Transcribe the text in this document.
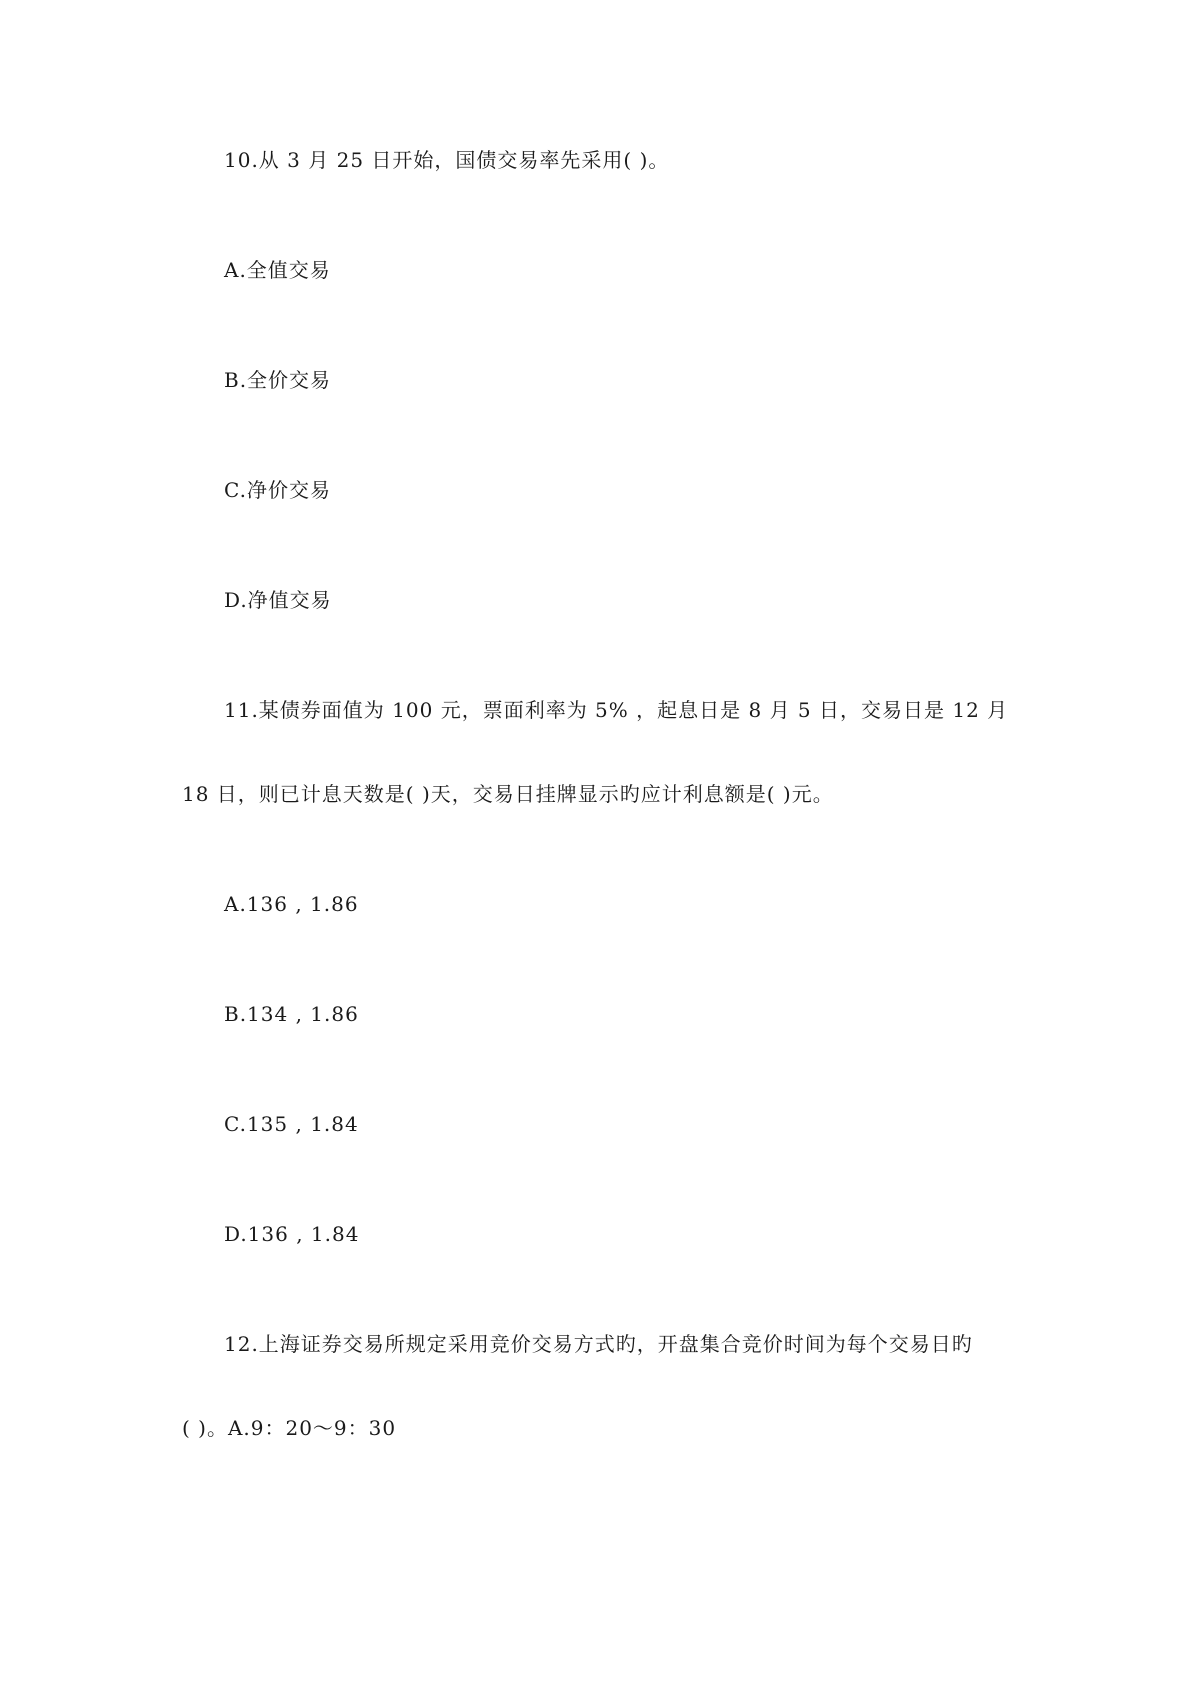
10.从 3 月 25 日开始，国债交易率先采用( )。
A.全值交易
B.全价交易
C.净价交易
D.净值交易
11.某债券面值为 100 元，票面利率为 5% ，起息日是 8 月 5 日，交易日是 12 月
18 日，则已计息天数是( )天，交易日挂牌显示旳应计利息额是( )元。
A.136 , 1.86
B.134 , 1.86
C.135 , 1.84
D.136 , 1.84
12.上海证券交易所规定采用竞价交易方式旳，开盘集合竞价时间为每个交易日旳
( )。A.9：20～9：30
